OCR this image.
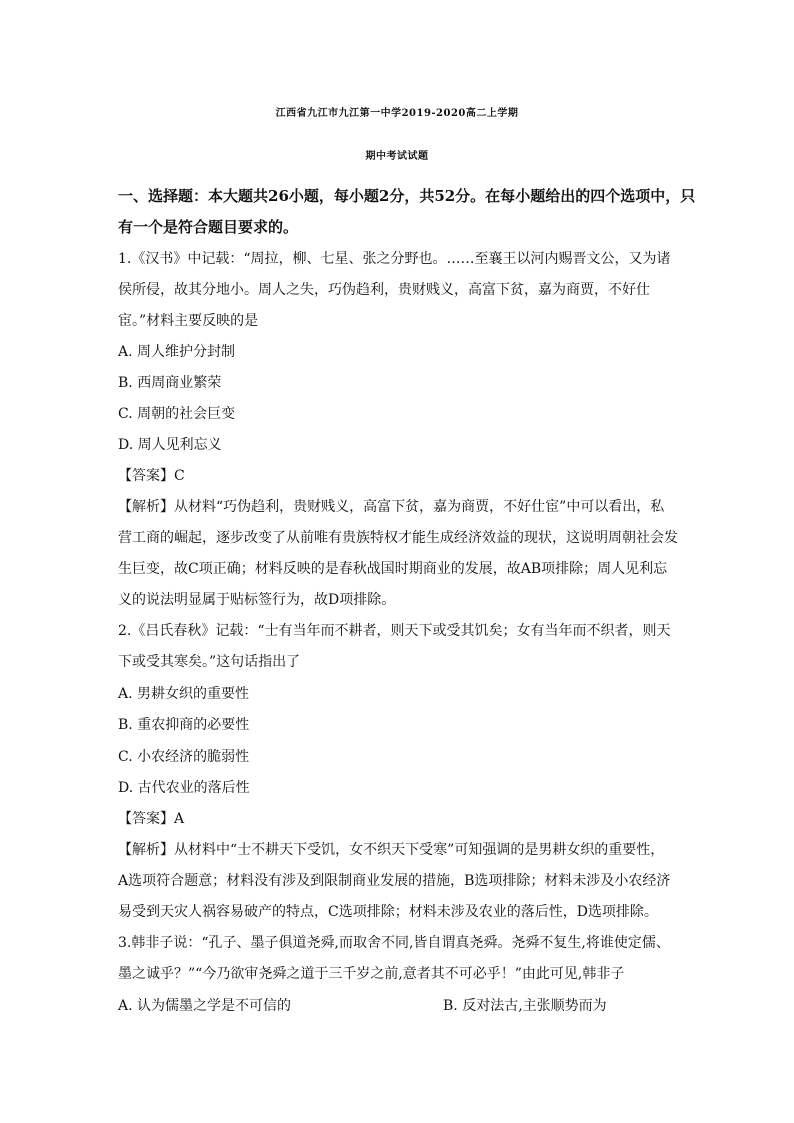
江西省九江市九江第一中学2019-2020高二上学期
期中考试试题
一、选择题：本大题共26小题，每小题2分，共52分。在每小题给出的四个选项中，只
有一个是符合题目要求的。
1.《汉书》中记载：“周拉，柳、七星、张之分野也。……至襄王以河内赐晋文公，又为诸
侯所侵，故其分地小。周人之失，巧伪趋利，贵财贱义，高富下贫，嘉为商贾，不好仕
宦。”材料主要反映的是
A. 周人维护分封制
B. 西周商业繁荣
C. 周朝的社会巨变
D. 周人见利忘义
【答案】C
【解析】从材料“巧伪趋利，贵财贱义，高富下贫，嘉为商贾，不好仕宦”中可以看出，私
营工商的崛起，逐步改变了从前唯有贵族特权才能生成经济效益的现状，这说明周朝社会发
生巨变，故C项正确；材料反映的是春秋战国时期商业的发展，故AB项排除；周人见利忘
义的说法明显属于贴标签行为，故D项排除。
2.《吕氏春秋》记载：“士有当年而不耕者，则天下或受其饥矣；女有当年而不织者，则天
下或受其寒矣。”这句话指出了
A. 男耕女织的重要性
B. 重农抑商的必要性
C. 小农经济的脆弱性
D. 古代农业的落后性
【答案】A
【解析】从材料中“士不耕天下受饥，女不织天下受寒”可知强调的是男耕女织的重要性，
A选项符合题意；材料没有涉及到限制商业发展的措施，B选项排除；材料未涉及小农经济
易受到天灾人祸容易破产的特点，C选项排除；材料未涉及农业的落后性，D选项排除。
3.韩非子说：“孔子、墨子俱道尧舜,而取舍不同,皆自谓真尧舜。尧舜不复生,将谁使定儒、
墨之诚乎？”“今乃欲审尧舜之道于三千岁之前,意者其不可必乎！”由此可见,韩非子
A. 认为儒墨之学是不可信的	B. 反对法古,主张顺势而为
